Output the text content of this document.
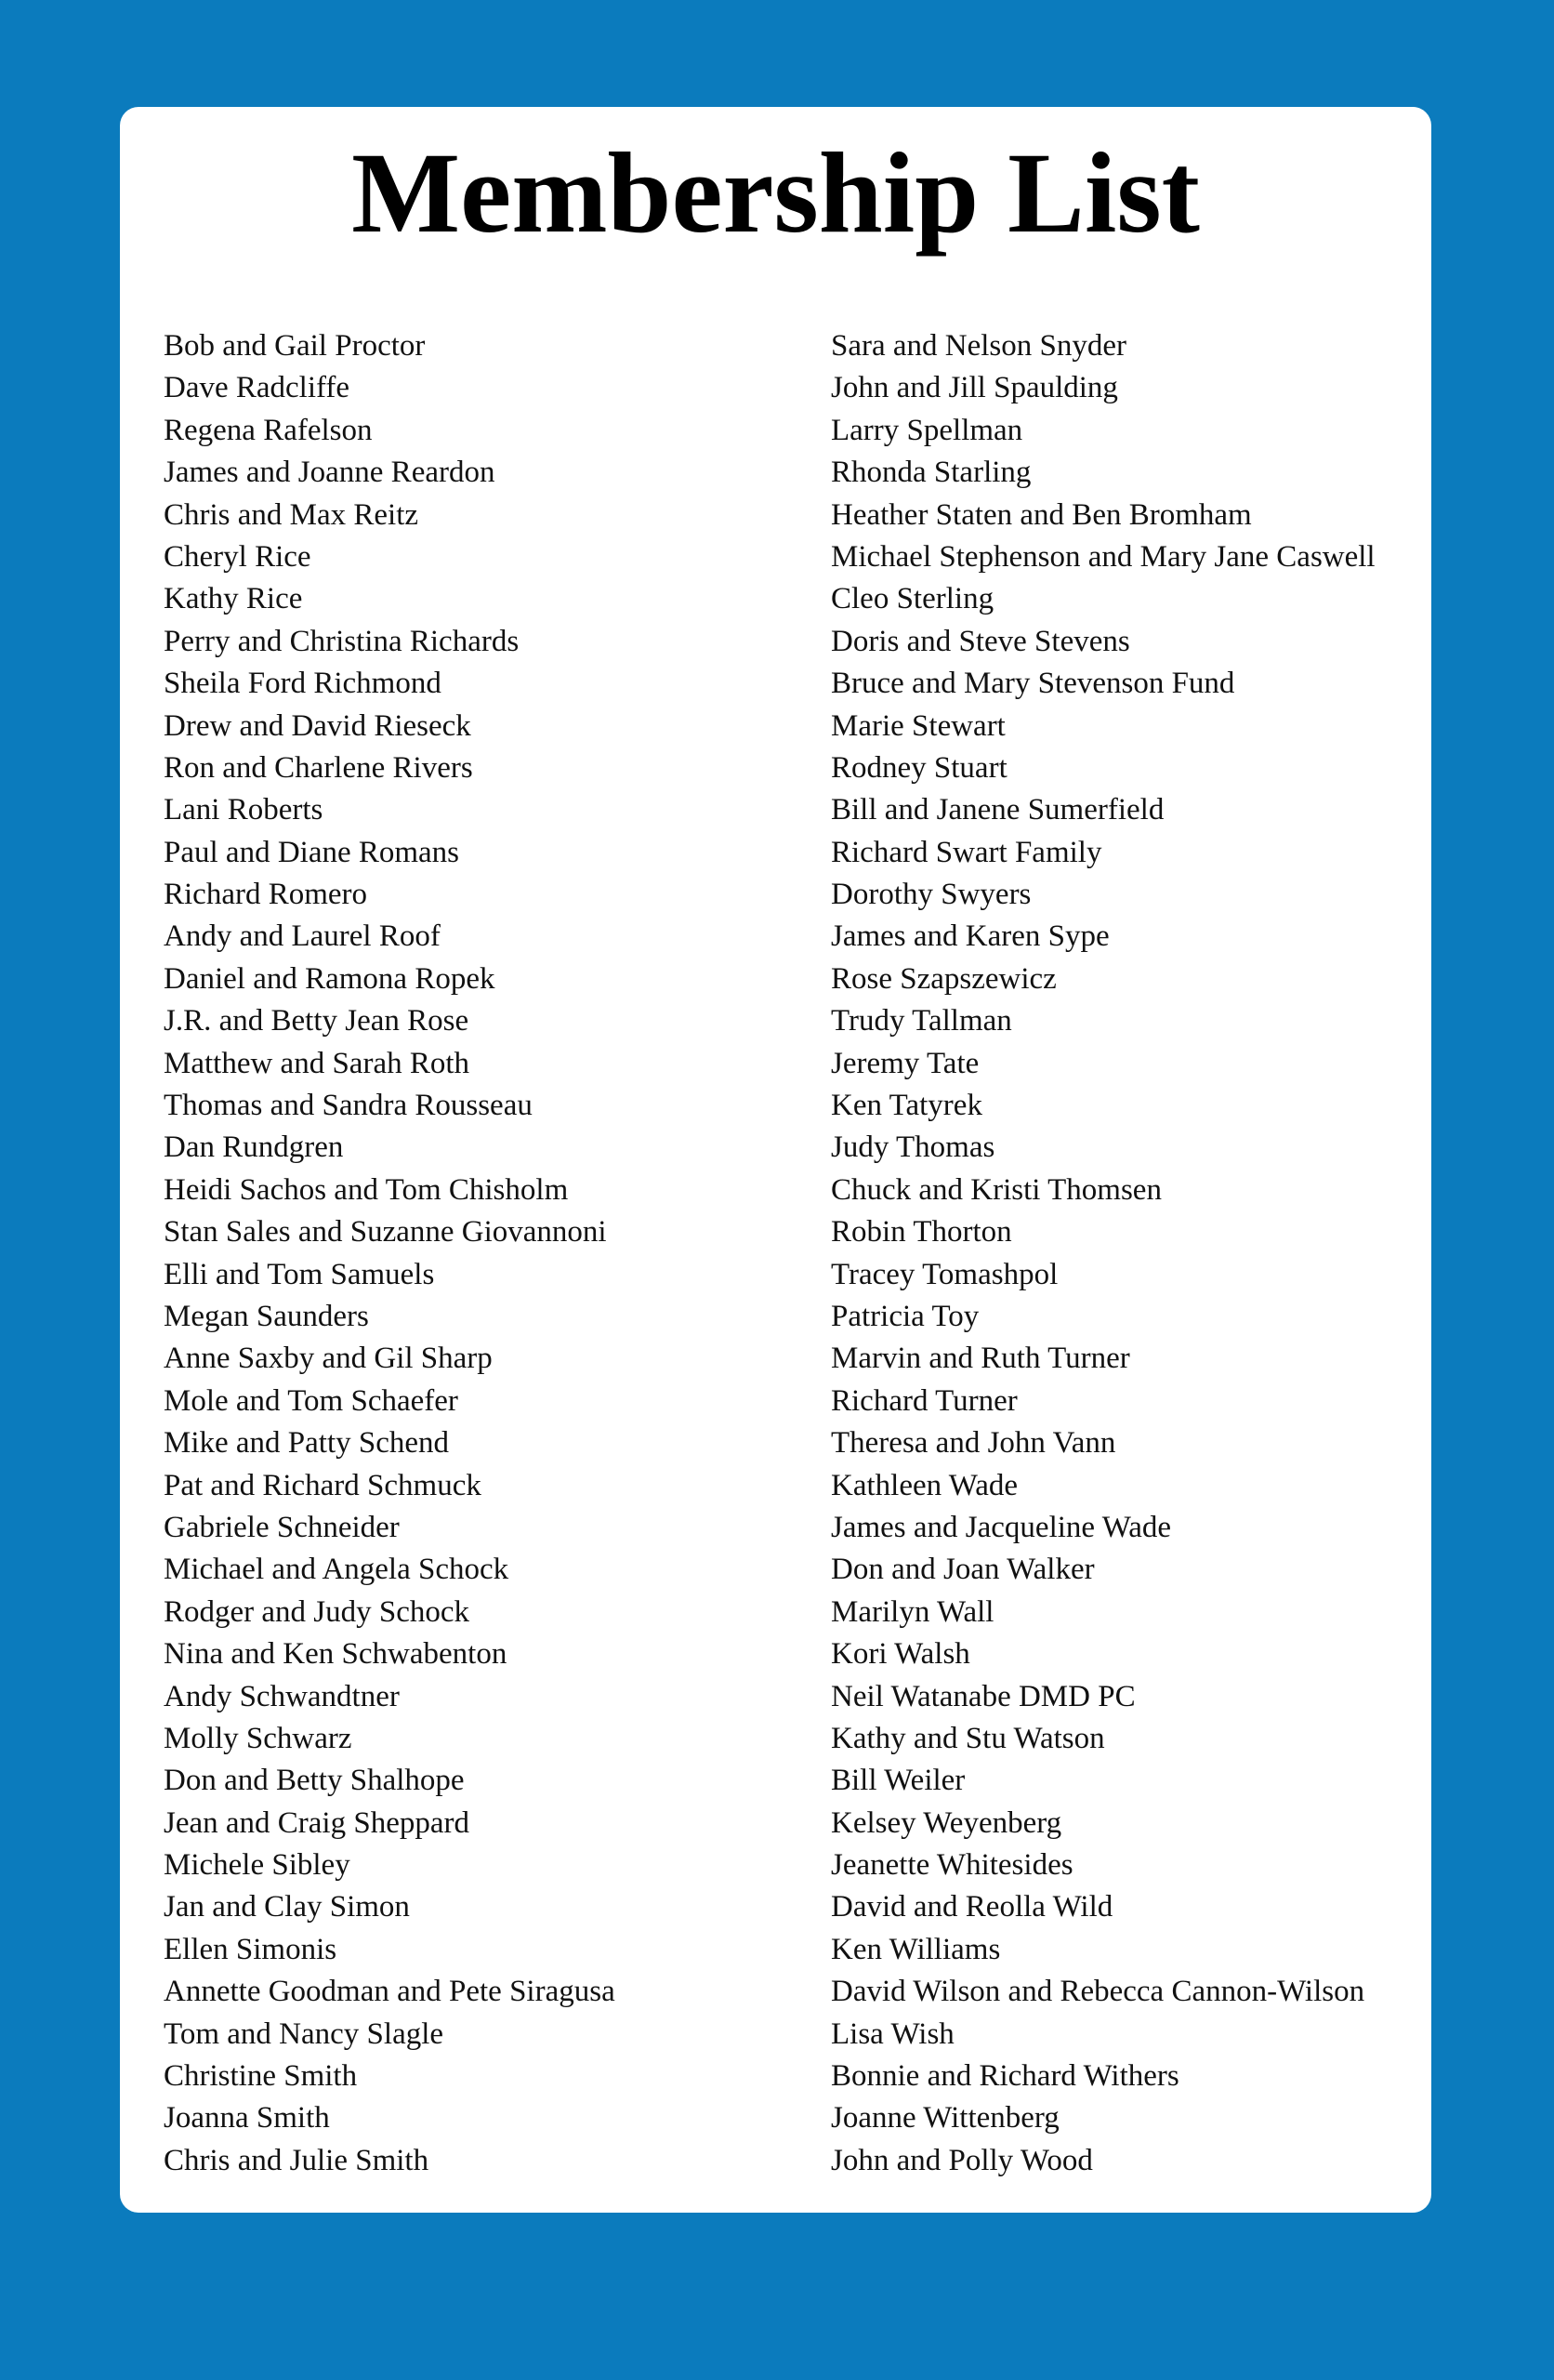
Membership List
Bob and Gail Proctor
Dave Radcliffe
Regena Rafelson
James and Joanne Reardon
Chris and Max Reitz
Cheryl Rice
Kathy Rice
Perry and Christina Richards
Sheila Ford Richmond
Drew and David Rieseck
Ron and Charlene Rivers
Lani Roberts
Paul and Diane Romans
Richard Romero
Andy and Laurel Roof
Daniel and Ramona Ropek
J.R. and Betty Jean Rose
Matthew and Sarah Roth
Thomas and Sandra Rousseau
Dan Rundgren
Heidi Sachos and Tom Chisholm
Stan Sales and Suzanne Giovannoni
Elli and Tom Samuels
Megan Saunders
Anne Saxby and Gil Sharp
Mole and Tom Schaefer
Mike and Patty Schend
Pat and Richard Schmuck
Gabriele Schneider
Michael and Angela Schock
Rodger and Judy Schock
Nina and Ken Schwabenton
Andy Schwandtner
Molly Schwarz
Don and Betty Shalhope
Jean and Craig Sheppard
Michele Sibley
Jan and Clay Simon
Ellen Simonis
Annette Goodman and Pete Siragusa
Tom and Nancy Slagle
Christine Smith
Joanna Smith
Chris and Julie Smith
Sara and Nelson Snyder
John and Jill Spaulding
Larry Spellman
Rhonda Starling
Heather Staten and Ben Bromham
Michael Stephenson and Mary Jane Caswell
Cleo Sterling
Doris and Steve Stevens
Bruce and Mary Stevenson Fund
Marie Stewart
Rodney Stuart
Bill and Janene Sumerfield
Richard Swart Family
Dorothy Swyers
James and Karen Sype
Rose Szapszewicz
Trudy Tallman
Jeremy Tate
Ken Tatyrek
Judy Thomas
Chuck and Kristi Thomsen
Robin Thorton
Tracey Tomashpol
Patricia Toy
Marvin and Ruth Turner
Richard Turner
Theresa and John Vann
Kathleen Wade
James and Jacqueline Wade
Don and Joan Walker
Marilyn Wall
Kori Walsh
Neil Watanabe DMD PC
Kathy and Stu Watson
Bill Weiler
Kelsey Weyenberg
Jeanette Whitesides
David and Reolla Wild
Ken Williams
David Wilson and Rebecca Cannon-Wilson
Lisa Wish
Bonnie and Richard Withers
Joanne Wittenberg
John and Polly Wood
